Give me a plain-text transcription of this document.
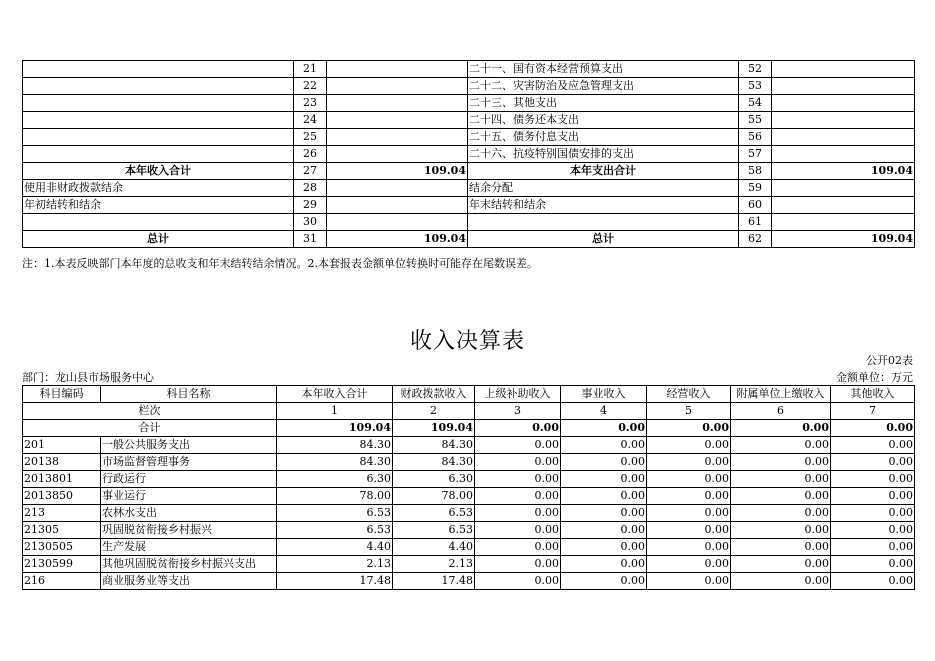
	21		二十一、国有资本经营预算支出	52	
	22		二十二、灾害防治及应急管理支出	53	
	23		二十三、其他支出	54	
	24		二十四、债务还本支出	55	
	25		二十五、债务付息支出	56	
	26		二十六、抗疫特别国债安排的支出	57	
本年收入合计	27	109.04	本年支出合计	58	109.04
使用非财政拨款结余	28		结余分配	59	
年初结转和结余	29		年末结转和结余	60	
	30			61	
总计	31	109.04	总计	62	109.04
注：1.本表反映部门本年度的总收支和年末结转结余情况。2.本套报表金额单位转换时可能存在尾数误差。
收入决算表
公开02表
部门：龙山县市场服务中心	金额单位：万元
科目编码	科目名称	本年收入合计	财政拨款收入	上级补助收入	事业收入	经营收入	附属单位上缴收入	其他收入
栏次		1	2	3	4	5	6	7
合计		109.04	109.04	0.00	0.00	0.00	0.00	0.00
201	一般公共服务支出	84.30	84.30	0.00	0.00	0.00	0.00	0.00
20138	市场监督管理事务	84.30	84.30	0.00	0.00	0.00	0.00	0.00
2013801	行政运行	6.30	6.30	0.00	0.00	0.00	0.00	0.00
2013850	事业运行	78.00	78.00	0.00	0.00	0.00	0.00	0.00
213	农林水支出	6.53	6.53	0.00	0.00	0.00	0.00	0.00
21305	巩固脱贫衔接乡村振兴	6.53	6.53	0.00	0.00	0.00	0.00	0.00
2130505	生产发展	4.40	4.40	0.00	0.00	0.00	0.00	0.00
2130599	其他巩固脱贫衔接乡村振兴支出	2.13	2.13	0.00	0.00	0.00	0.00	0.00
216	商业服务业等支出	17.48	17.48	0.00	0.00	0.00	0.00	0.00
